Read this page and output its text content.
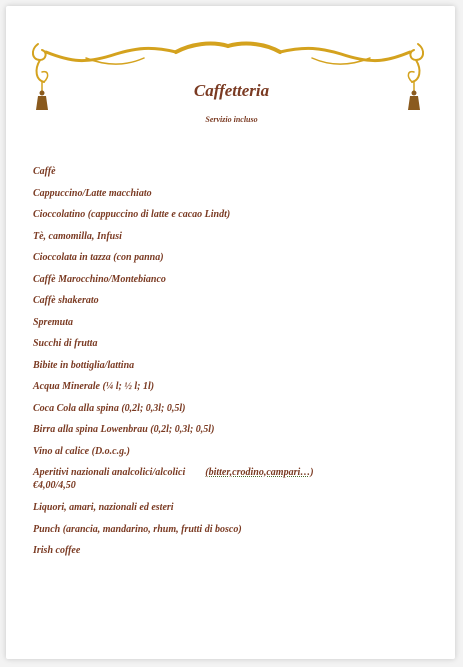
Caffetteria
Servizio incluso
Caffè
Cappuccino/Latte macchiato
Cioccolatino (cappuccino di latte e cacao Lindt)
Tè, camomilla, Infusi
Cioccolata in tazza (con panna)
Caffè Marocchino/Montebianco
Caffè shakerato
Spremuta
Succhi di frutta
Bibite in bottiglia/lattina
Acqua Minerale (¼ l; ½ l; 1l)
Coca Cola alla spina (0,2l; 0,3l; 0,5l)
Birra alla spina Lowenbrau (0,2l; 0,3l; 0,5l)
Vino al calice (D.o.c.g.)
Aperitivi nazionali analcolici/alcolici (bitter,crodino,campari…)
€4,00/4,50
Liquori, amari, nazionali ed esteri
Punch (arancia, mandarino, rhum, frutti di bosco)
Irish coffee
